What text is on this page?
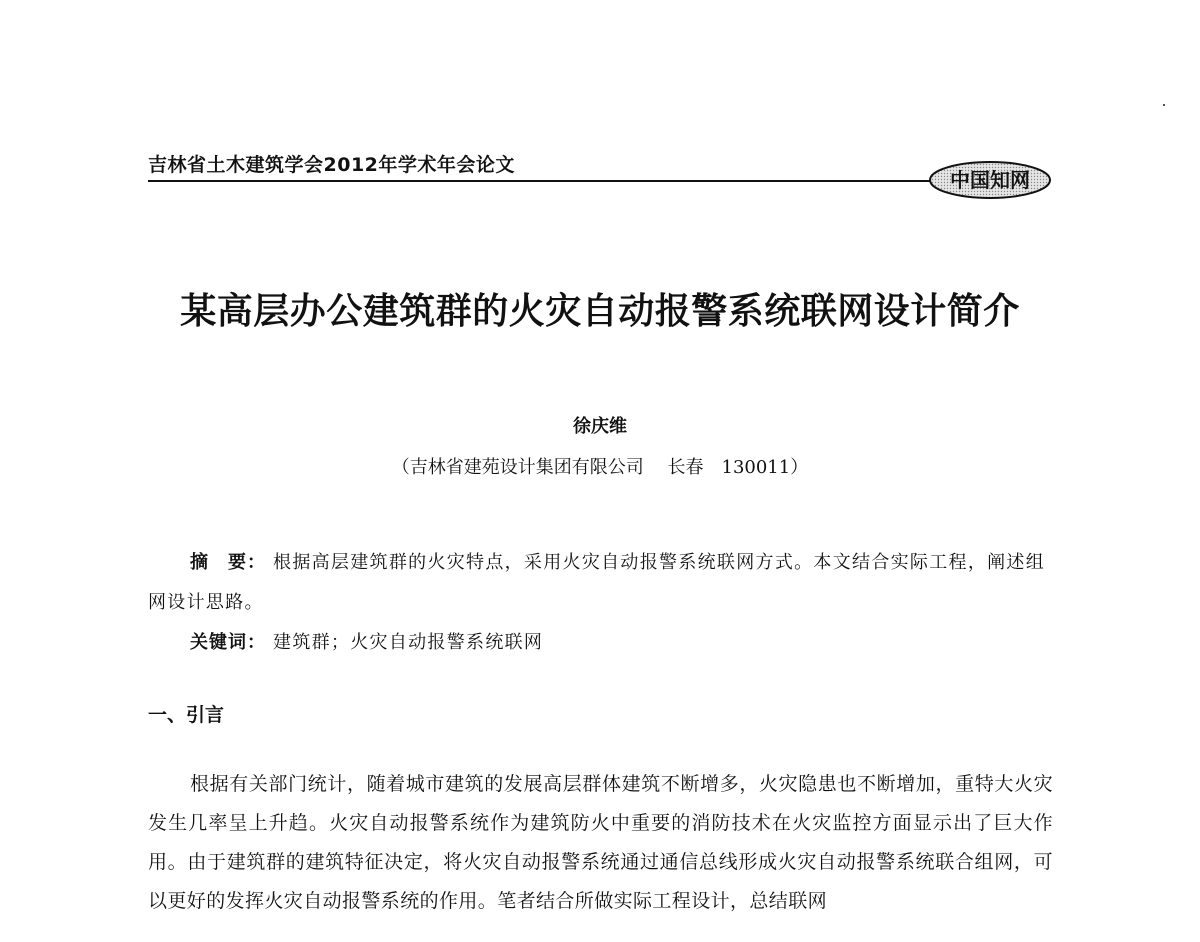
吉林省土木建筑学会2012年学术年会论文
中国知网
某高层办公建筑群的火灾自动报警系统联网设计简介
徐庆维
（吉林省建苑设计集团有限公司　 长春　130011）
摘　要： 根据高层建筑群的火灾特点，采用火灾自动报警系统联网方式。本文结合实际工程，阐述组网设计思路。
关键词： 建筑群；火灾自动报警系统联网
一、引言
根据有关部门统计，随着城市建筑的发展高层群体建筑不断增多，火灾隐患也不断增加，重特大火灾发生几率呈上升趋。火灾自动报警系统作为建筑防火中重要的消防技术在火灾监控方面显示出了巨大作用。由于建筑群的建筑特征决定，将火灾自动报警系统通过通信总线形成火灾自动报警系统联合组网，可以更好的发挥火灾自动报警系统的作用。笔者结合所做实际工程设计，总结联网
